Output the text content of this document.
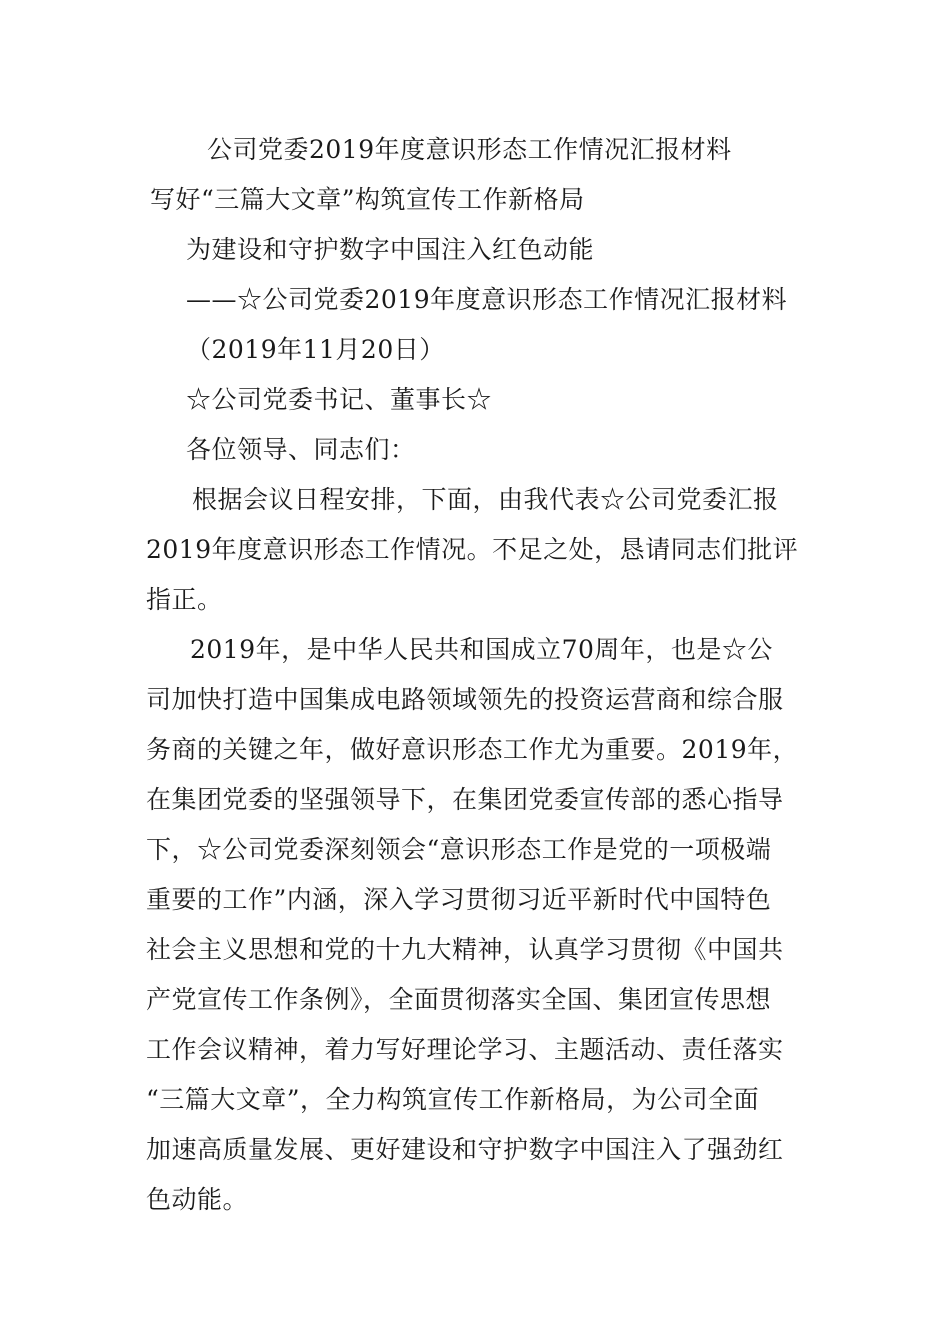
公司党委2019年度意识形态工作情况汇报材料
写好“三篇大文章”构筑宣传工作新格局
为建设和守护数字中国注入红色动能
——☆公司党委2019年度意识形态工作情况汇报材料
（2019年11月20日）
☆公司党委书记、董事长☆
各位领导、同志们：
根据会议日程安排，下面，由我代表☆公司党委汇报
2019年度意识形态工作情况。不足之处，恳请同志们批评
指正。
2019年，是中华人民共和国成立70周年，也是☆公
司加快打造中国集成电路领域领先的投资运营商和综合服
务商的关键之年，做好意识形态工作尤为重要。2019年，
在集团党委的坚强领导下，在集团党委宣传部的悉心指导
下，☆公司党委深刻领会“意识形态工作是党的一项极端
重要的工作”内涵，深入学习贯彻习近平新时代中国特色
社会主义思想和党的十九大精神，认真学习贯彻《中国共
产党宣传工作条例》，全面贯彻落实全国、集团宣传思想
工作会议精神，着力写好理论学习、主题活动、责任落实
“三篇大文章”，全力构筑宣传工作新格局，为公司全面
加速高质量发展、更好建设和守护数字中国注入了强劲红
色动能。
